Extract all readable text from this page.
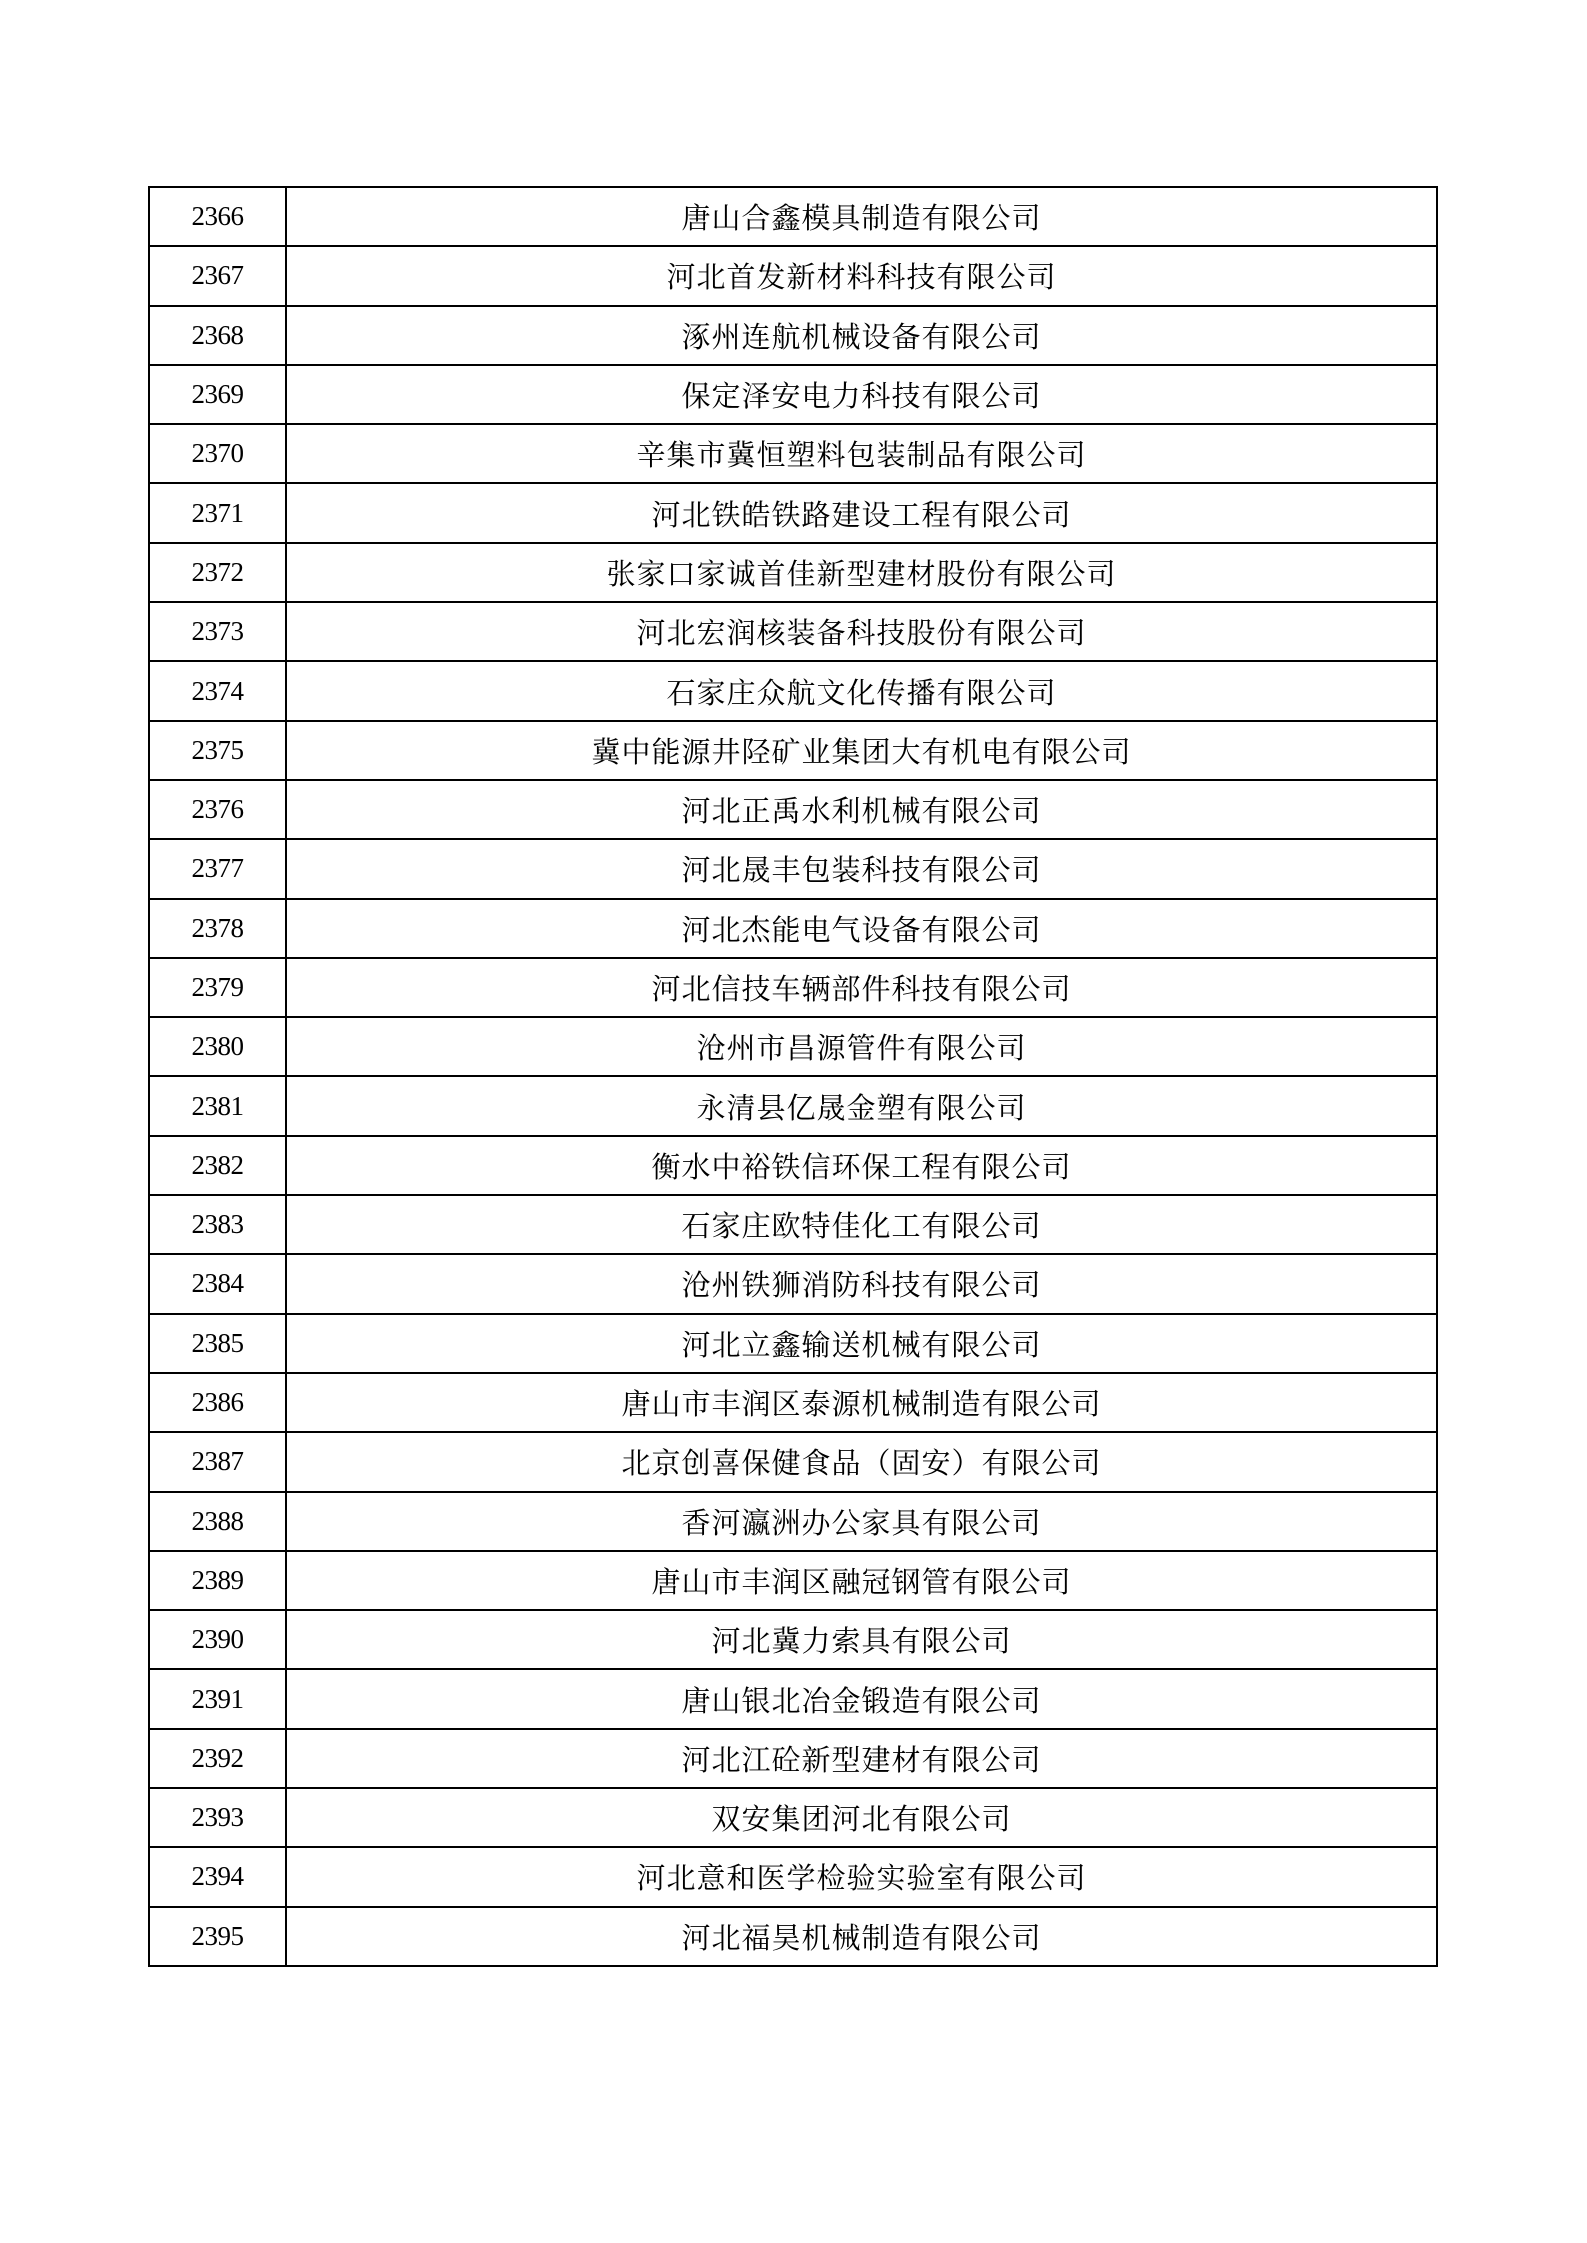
2366	唐山合鑫模具制造有限公司
2367	河北首发新材料科技有限公司
2368	涿州连航机械设备有限公司
2369	保定泽安电力科技有限公司
2370	辛集市冀恒塑料包装制品有限公司
2371	河北铁皓铁路建设工程有限公司
2372	张家口家诚首佳新型建材股份有限公司
2373	河北宏润核装备科技股份有限公司
2374	石家庄众航文化传播有限公司
2375	冀中能源井陉矿业集团大有机电有限公司
2376	河北正禹水利机械有限公司
2377	河北晟丰包装科技有限公司
2378	河北杰能电气设备有限公司
2379	河北信技车辆部件科技有限公司
2380	沧州市昌源管件有限公司
2381	永清县亿晟金塑有限公司
2382	衡水中裕铁信环保工程有限公司
2383	石家庄欧特佳化工有限公司
2384	沧州铁狮消防科技有限公司
2385	河北立鑫输送机械有限公司
2386	唐山市丰润区泰源机械制造有限公司
2387	北京创喜保健食品（固安）有限公司
2388	香河瀛洲办公家具有限公司
2389	唐山市丰润区融冠钢管有限公司
2390	河北冀力索具有限公司
2391	唐山银北冶金锻造有限公司
2392	河北江砼新型建材有限公司
2393	双安集团河北有限公司
2394	河北意和医学检验实验室有限公司
2395	河北福昊机械制造有限公司
